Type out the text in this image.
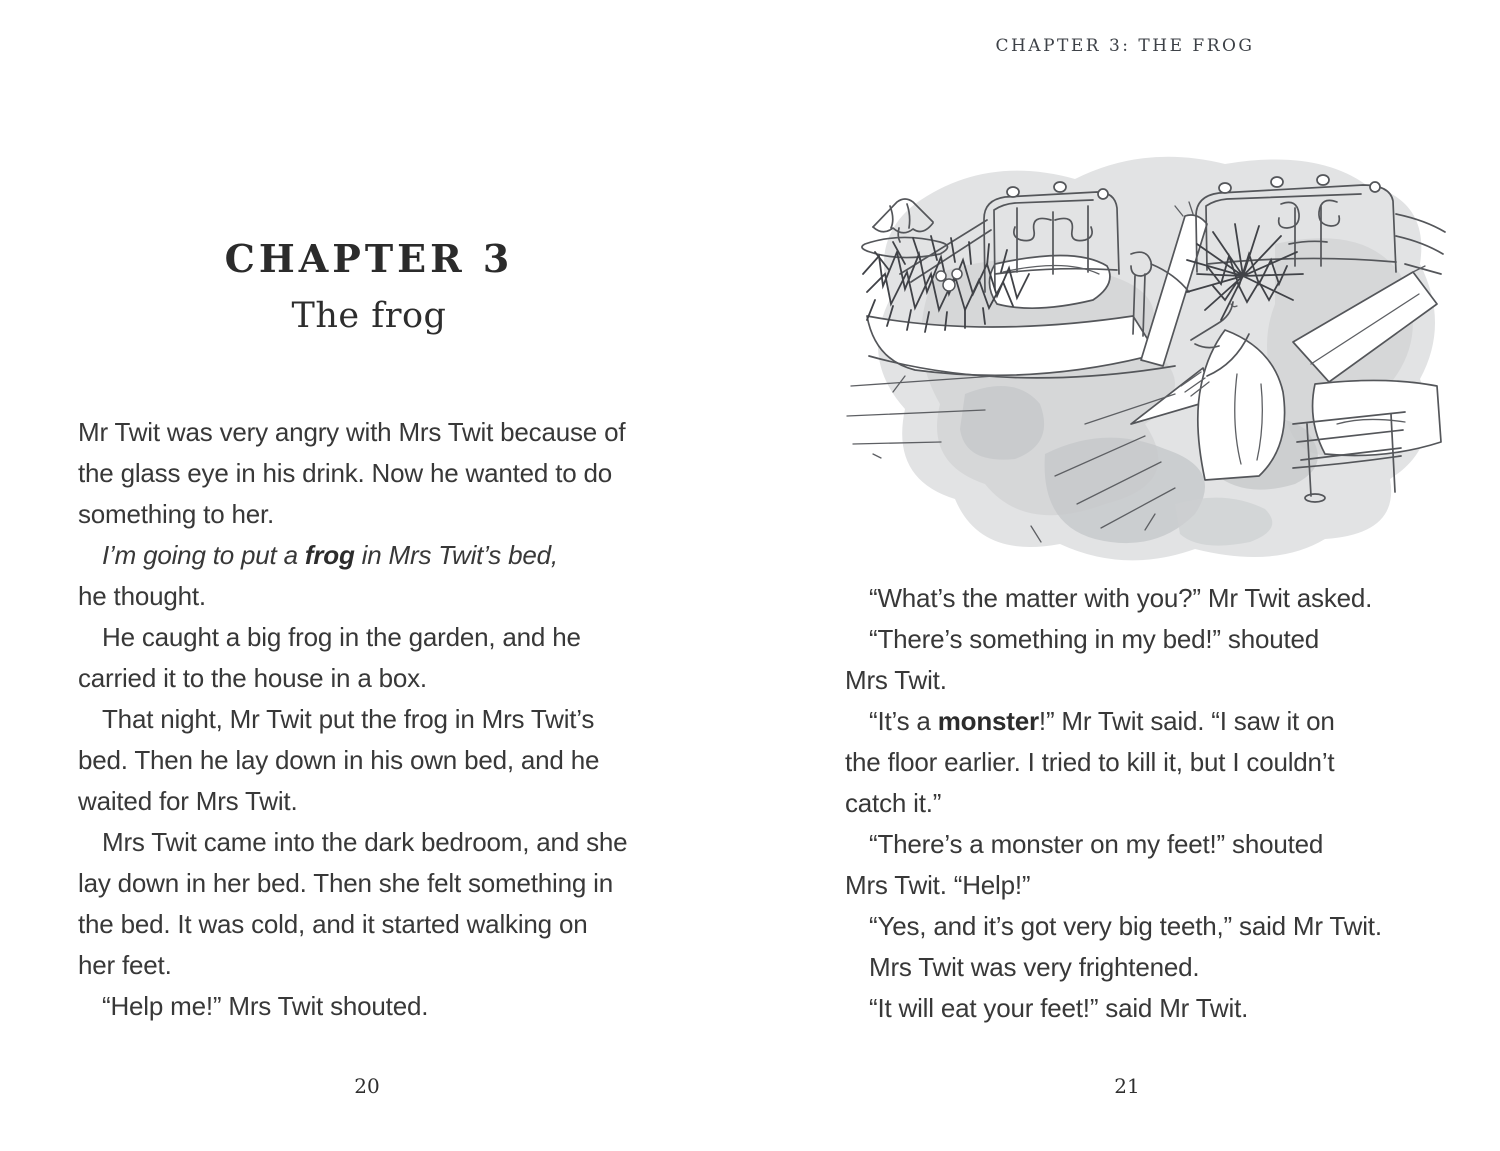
CHAPTER 3: THE FROG
CHAPTER 3
The frog
Mr Twit was very angry with Mrs Twit because of
the glass eye in his drink. Now he wanted to do
something to her.
I’m going to put a frog in Mrs Twit’s bed,
he thought.
He caught a big frog in the garden, and he
carried it to the house in a box.
That night, Mr Twit put the frog in Mrs Twit’s
bed. Then he lay down in his own bed, and he
waited for Mrs Twit.
Mrs Twit came into the dark bedroom, and she
lay down in her bed. Then she felt something in
the bed. It was cold, and it started walking on
her feet.
“Help me!” Mrs Twit shouted.
20
“What’s the matter with you?” Mr Twit asked.
“There’s something in my bed!” shouted
Mrs Twit.
“It’s a monster!” Mr Twit said. “I saw it on
the floor earlier. I tried to kill it, but I couldn’t
catch it.”
“There’s a monster on my feet!” shouted
Mrs Twit. “Help!”
“Yes, and it’s got very big teeth,” said Mr Twit.
Mrs Twit was very frightened.
“It will eat your feet!” said Mr Twit.
21
